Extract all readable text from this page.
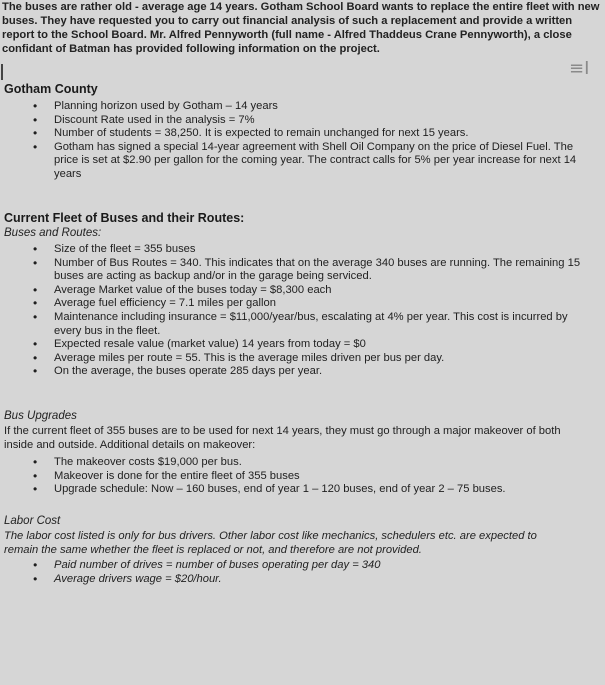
The buses are rather old - average age 14 years. Gotham School Board wants to replace the entire fleet with new buses. They have requested you to carry out financial analysis of such a replacement and provide a written report to the School Board. Mr. Alfred Pennyworth (full name - Alfred Thaddeus Crane Pennyworth), a close confidant of Batman has provided following information on the project.
≡I
Gotham County
• Planning horizon used by Gotham – 14 years
• Discount Rate used in the analysis = 7%
• Number of students = 38,250. It is expected to remain unchanged for next 15 years.
• Gotham has signed a special 14-year agreement with Shell Oil Company on the price of Diesel Fuel. The price is set at $2.90 per gallon for the coming year. The contract calls for 5% per year increase for next 14 years
Current Fleet of Buses and their Routes:
Buses and Routes:
• Size of the fleet = 355 buses
• Number of Bus Routes = 340. This indicates that on the average 340 buses are running. The remaining 15 buses are acting as backup and/or in the garage being serviced.
• Average Market value of the buses today = $8,300 each
• Average fuel efficiency = 7.1 miles per gallon
• Maintenance including insurance = $11,000/year/bus, escalating at 4% per year. This cost is incurred by every bus in the fleet.
• Expected resale value (market value) 14 years from today = $0
• Average miles per route = 55. This is the average miles driven per bus per day.
• On the average, the buses operate 285 days per year.
Bus Upgrades
If the current fleet of 355 buses are to be used for next 14 years, they must go through a major makeover of both inside and outside. Additional details on makeover:
• The makeover costs $19,000 per bus.
• Makeover is done for the entire fleet of 355 buses
• Upgrade schedule: Now – 160 buses, end of year 1 – 120 buses, end of year 2 – 75 buses.
Labor Cost
The labor cost listed is only for bus drivers. Other labor cost like mechanics, schedulers etc. are expected to remain the same whether the fleet is replaced or not, and therefore are not provided.
• Paid number of drives = number of buses operating per day = 340
• Average drivers wage = $20/hour.
